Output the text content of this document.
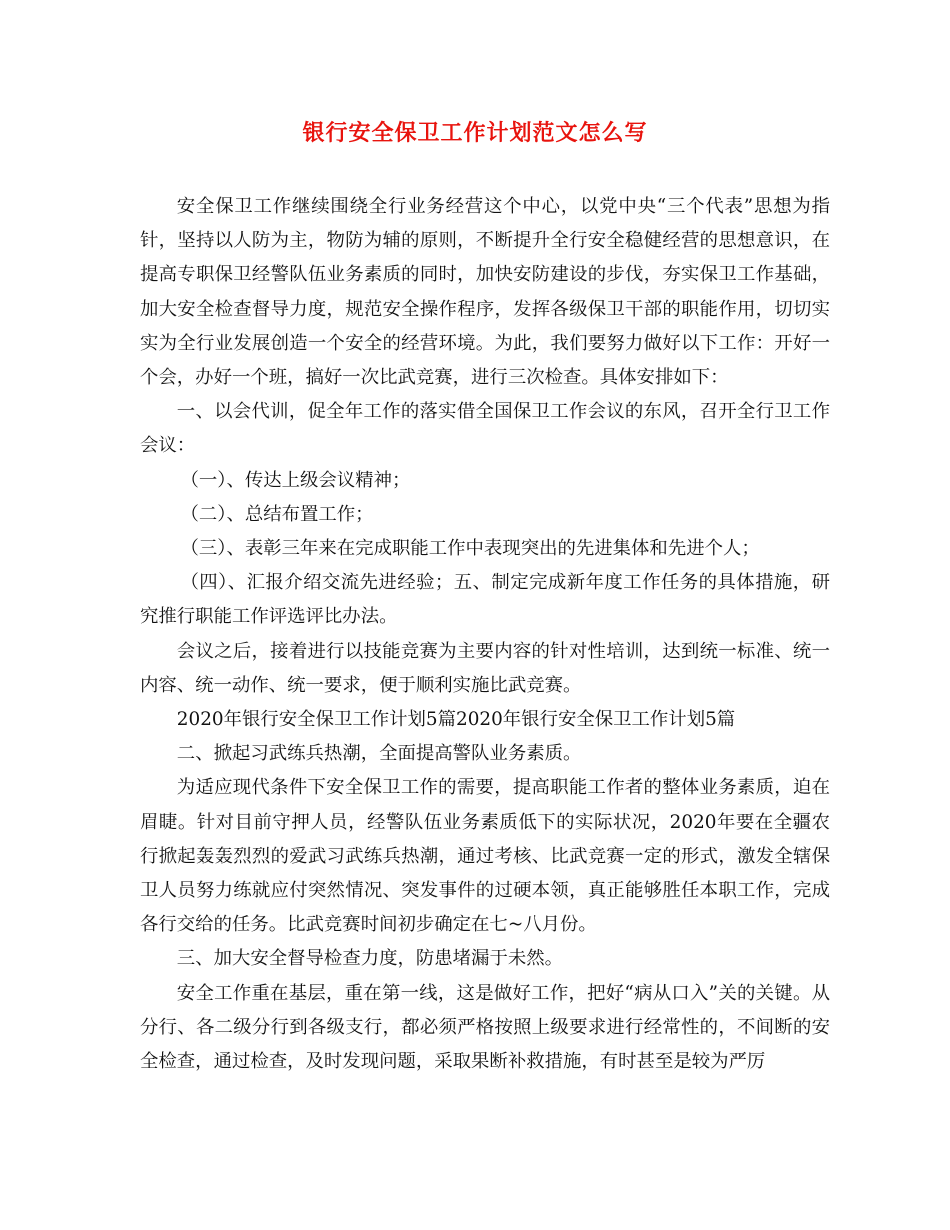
银行安全保卫工作计划范文怎么写

安全保卫工作继续围绕全行业务经营这个中心，以党中央“三个代表”思想为指针，坚持以人防为主，物防为辅的原则，不断提升全行安全稳健经营的思想意识，在提高专职保卫经警队伍业务素质的同时，加快安防建设的步伐，夯实保卫工作基础，加大安全检查督导力度，规范安全操作程序，发挥各级保卫干部的职能作用，切切实实为全行业发展创造一个安全的经营环境。为此，我们要努力做好以下工作：开好一个会，办好一个班，搞好一次比武竞赛，进行三次检查。具体安排如下：

一、以会代训，促全年工作的落实借全国保卫工作会议的东风，召开全行卫工作会议：

（一）、传达上级会议精神；

（二）、总结布置工作；

（三）、表彰三年来在完成职能工作中表现突出的先进集体和先进个人；

（四）、汇报介绍交流先进经验；五、制定完成新年度工作任务的具体措施，研究推行职能工作评选评比办法。

会议之后，接着进行以技能竞赛为主要内容的针对性培训，达到统一标准、统一内容、统一动作、统一要求，便于顺利实施比武竞赛。

2020年银行安全保卫工作计划5篇2020年银行安全保卫工作计划5篇

二、掀起习武练兵热潮，全面提高警队业务素质。

为适应现代条件下安全保卫工作的需要，提高职能工作者的整体业务素质，迫在眉睫。针对目前守押人员，经警队伍业务素质低下的实际状况，2020年要在全疆农行掀起轰轰烈烈的爱武习武练兵热潮，通过考核、比武竞赛一定的形式，激发全辖保卫人员努力练就应付突然情况、突发事件的过硬本领，真正能够胜任本职工作，完成各行交给的任务。比武竞赛时间初步确定在七~八月份。

三、加大安全督导检查力度，防患堵漏于未然。

安全工作重在基层，重在第一线，这是做好工作，把好“病从口入”关的关键。从分行、各二级分行到各级支行，都必须严格按照上级要求进行经常性的，不间断的安全检查，通过检查，及时发现问题，采取果断补救措施，有时甚至是较为严厉
